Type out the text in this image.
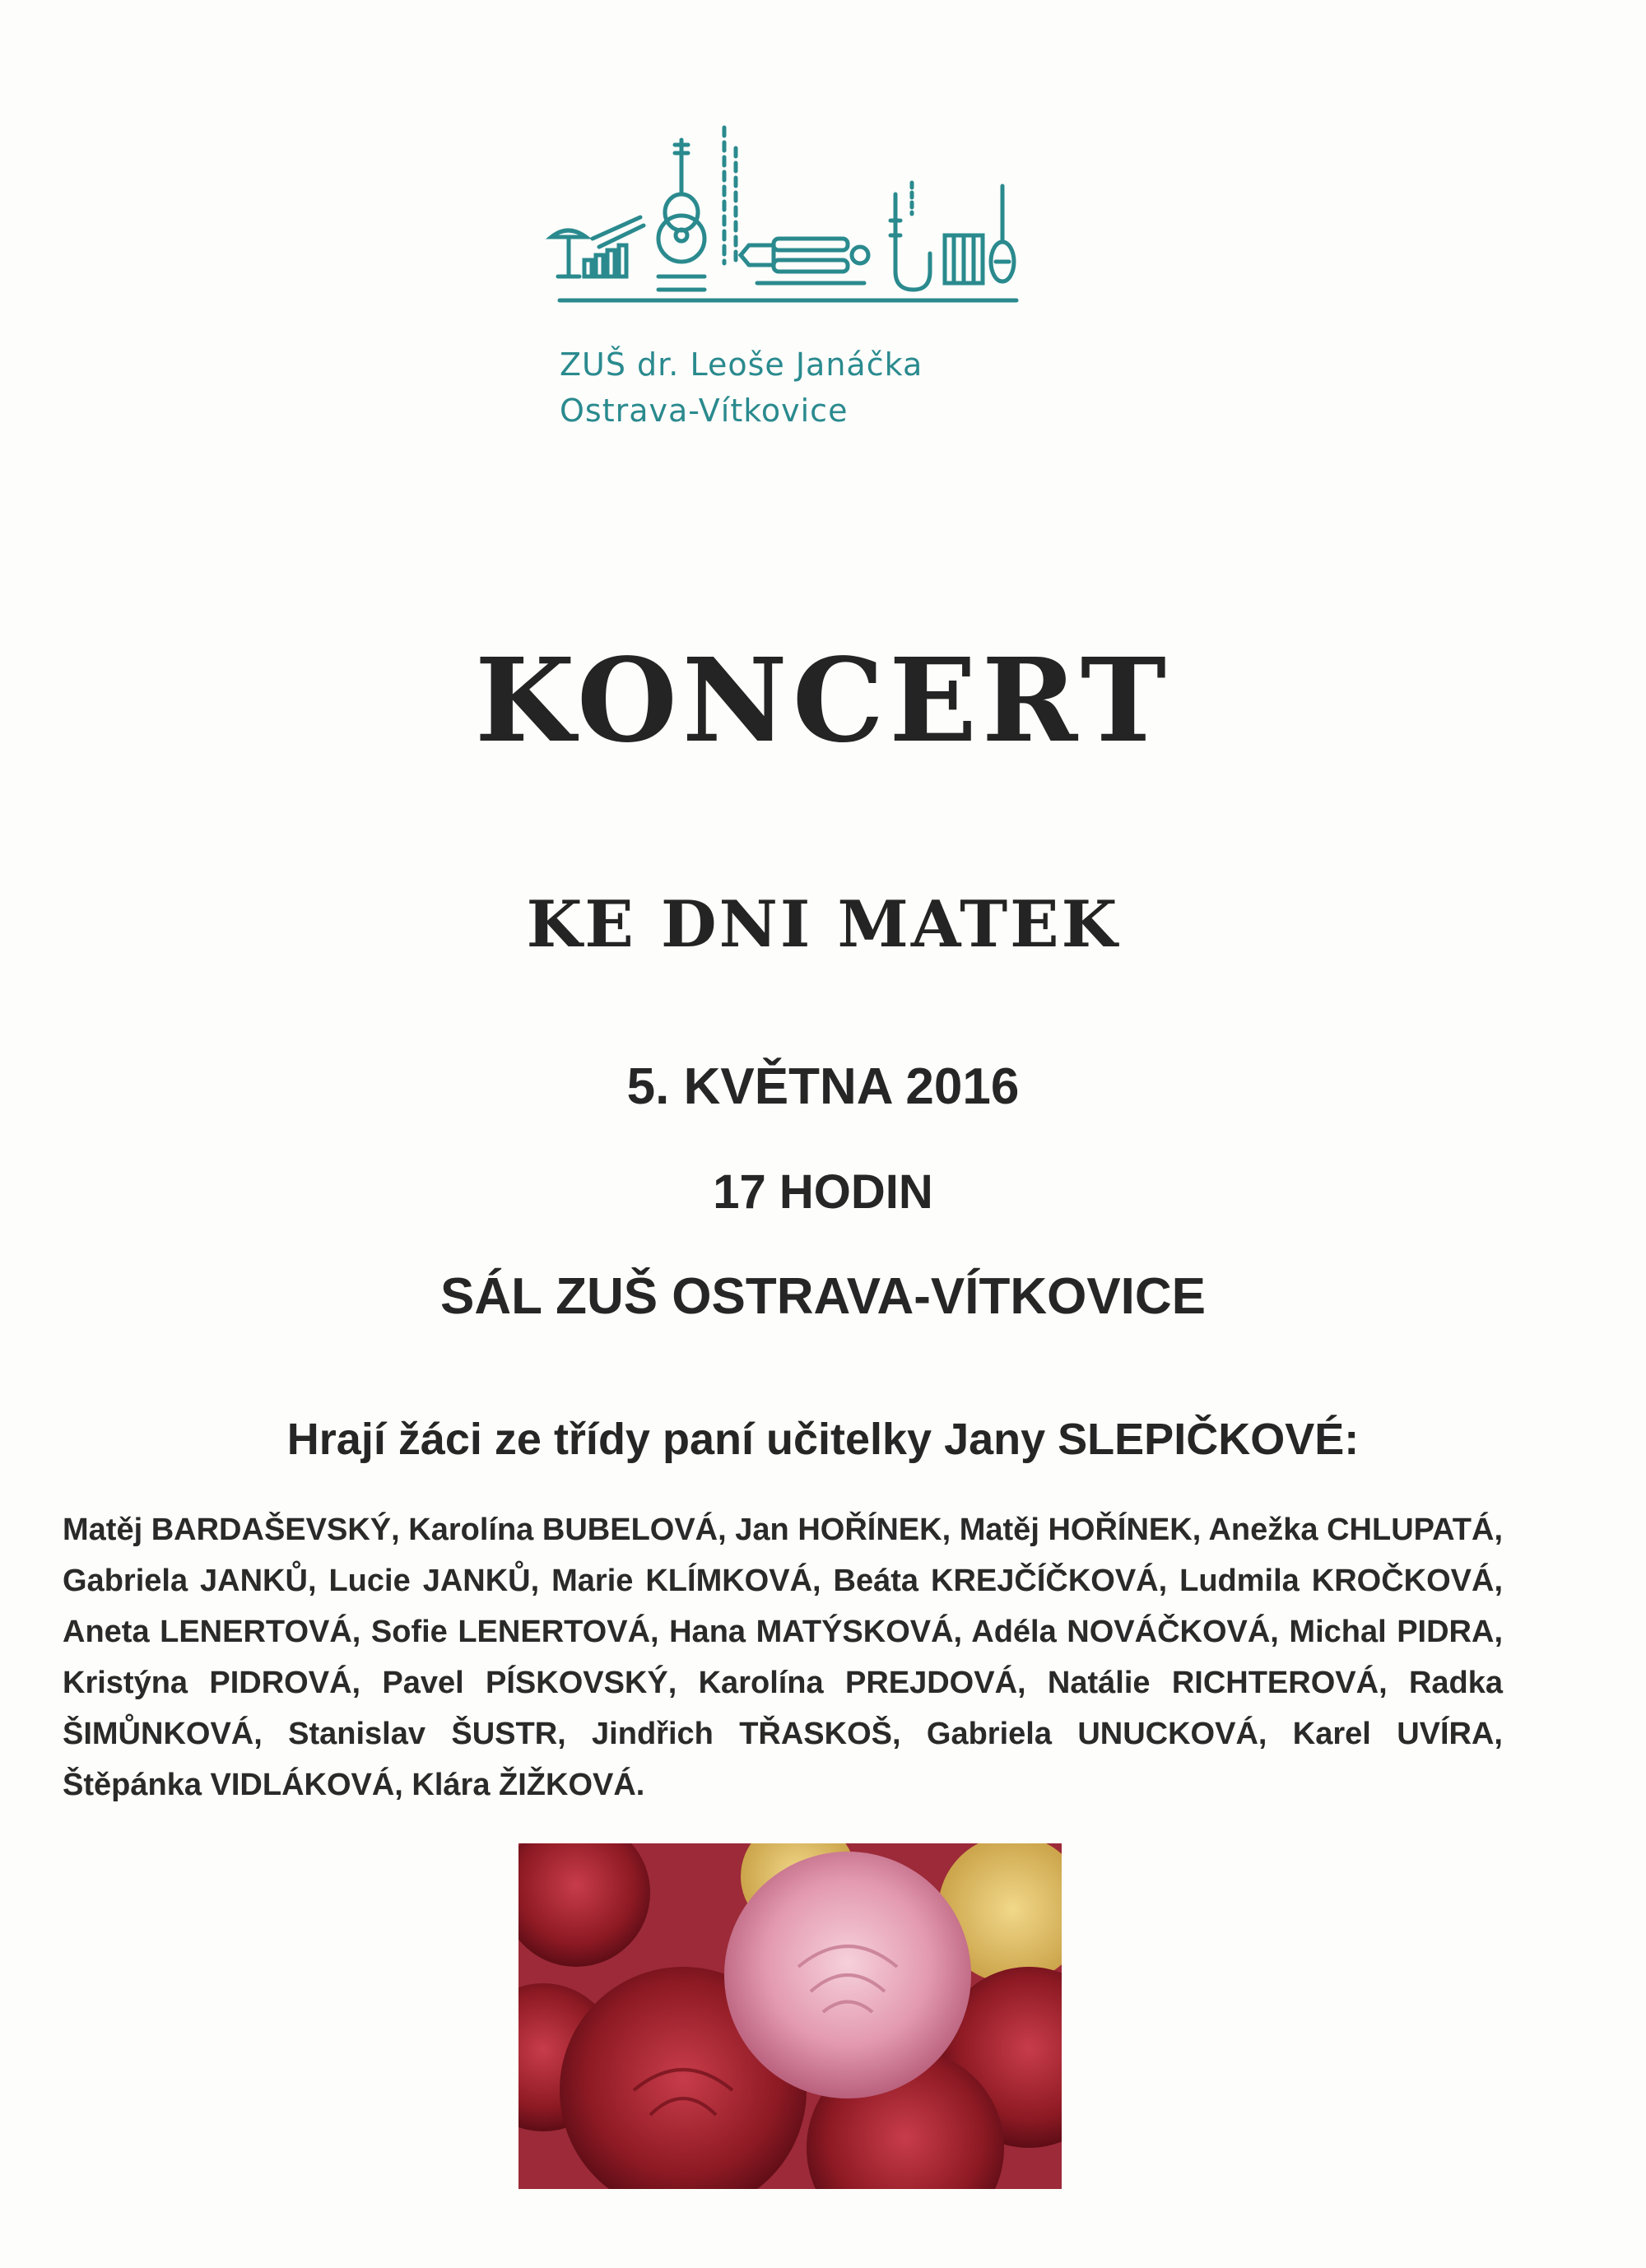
ZUŠ dr. Leoše Janáčka
Ostrava-Vítkovice
KONCERT
KE DNI MATEK
5. KVĚTNA 2016
17 HODIN
SÁL ZUŠ OSTRAVA-VÍTKOVICE
Hrají žáci ze třídy paní učitelky Jany SLEPIČKOVÉ:
Matěj BARDAŠEVSKÝ, Karolína BUBELOVÁ, Jan HOŘÍNEK, Matěj HOŘÍNEK, Anežka CHLUPATÁ, Gabriela JANKŮ, Lucie JANKŮ, Marie KLÍMKOVÁ, Beáta KREJČÍČKOVÁ, Ludmila KROČKOVÁ, Aneta LENERTOVÁ, Sofie LENERTOVÁ, Hana MATÝSKOVÁ, Adéla NOVÁČKOVÁ, Michal PIDRA, Kristýna PIDROVÁ, Pavel PÍSKOVSKÝ, Karolína PREJDOVÁ, Natálie RICHTEROVÁ, Radka ŠIMŮNKOVÁ, Stanislav ŠUSTR, Jindřich TŘASKOŠ, Gabriela UNUCKOVÁ, Karel UVÍRA, Štěpánka VIDLÁKOVÁ, Klára ŽIŽKOVÁ.
